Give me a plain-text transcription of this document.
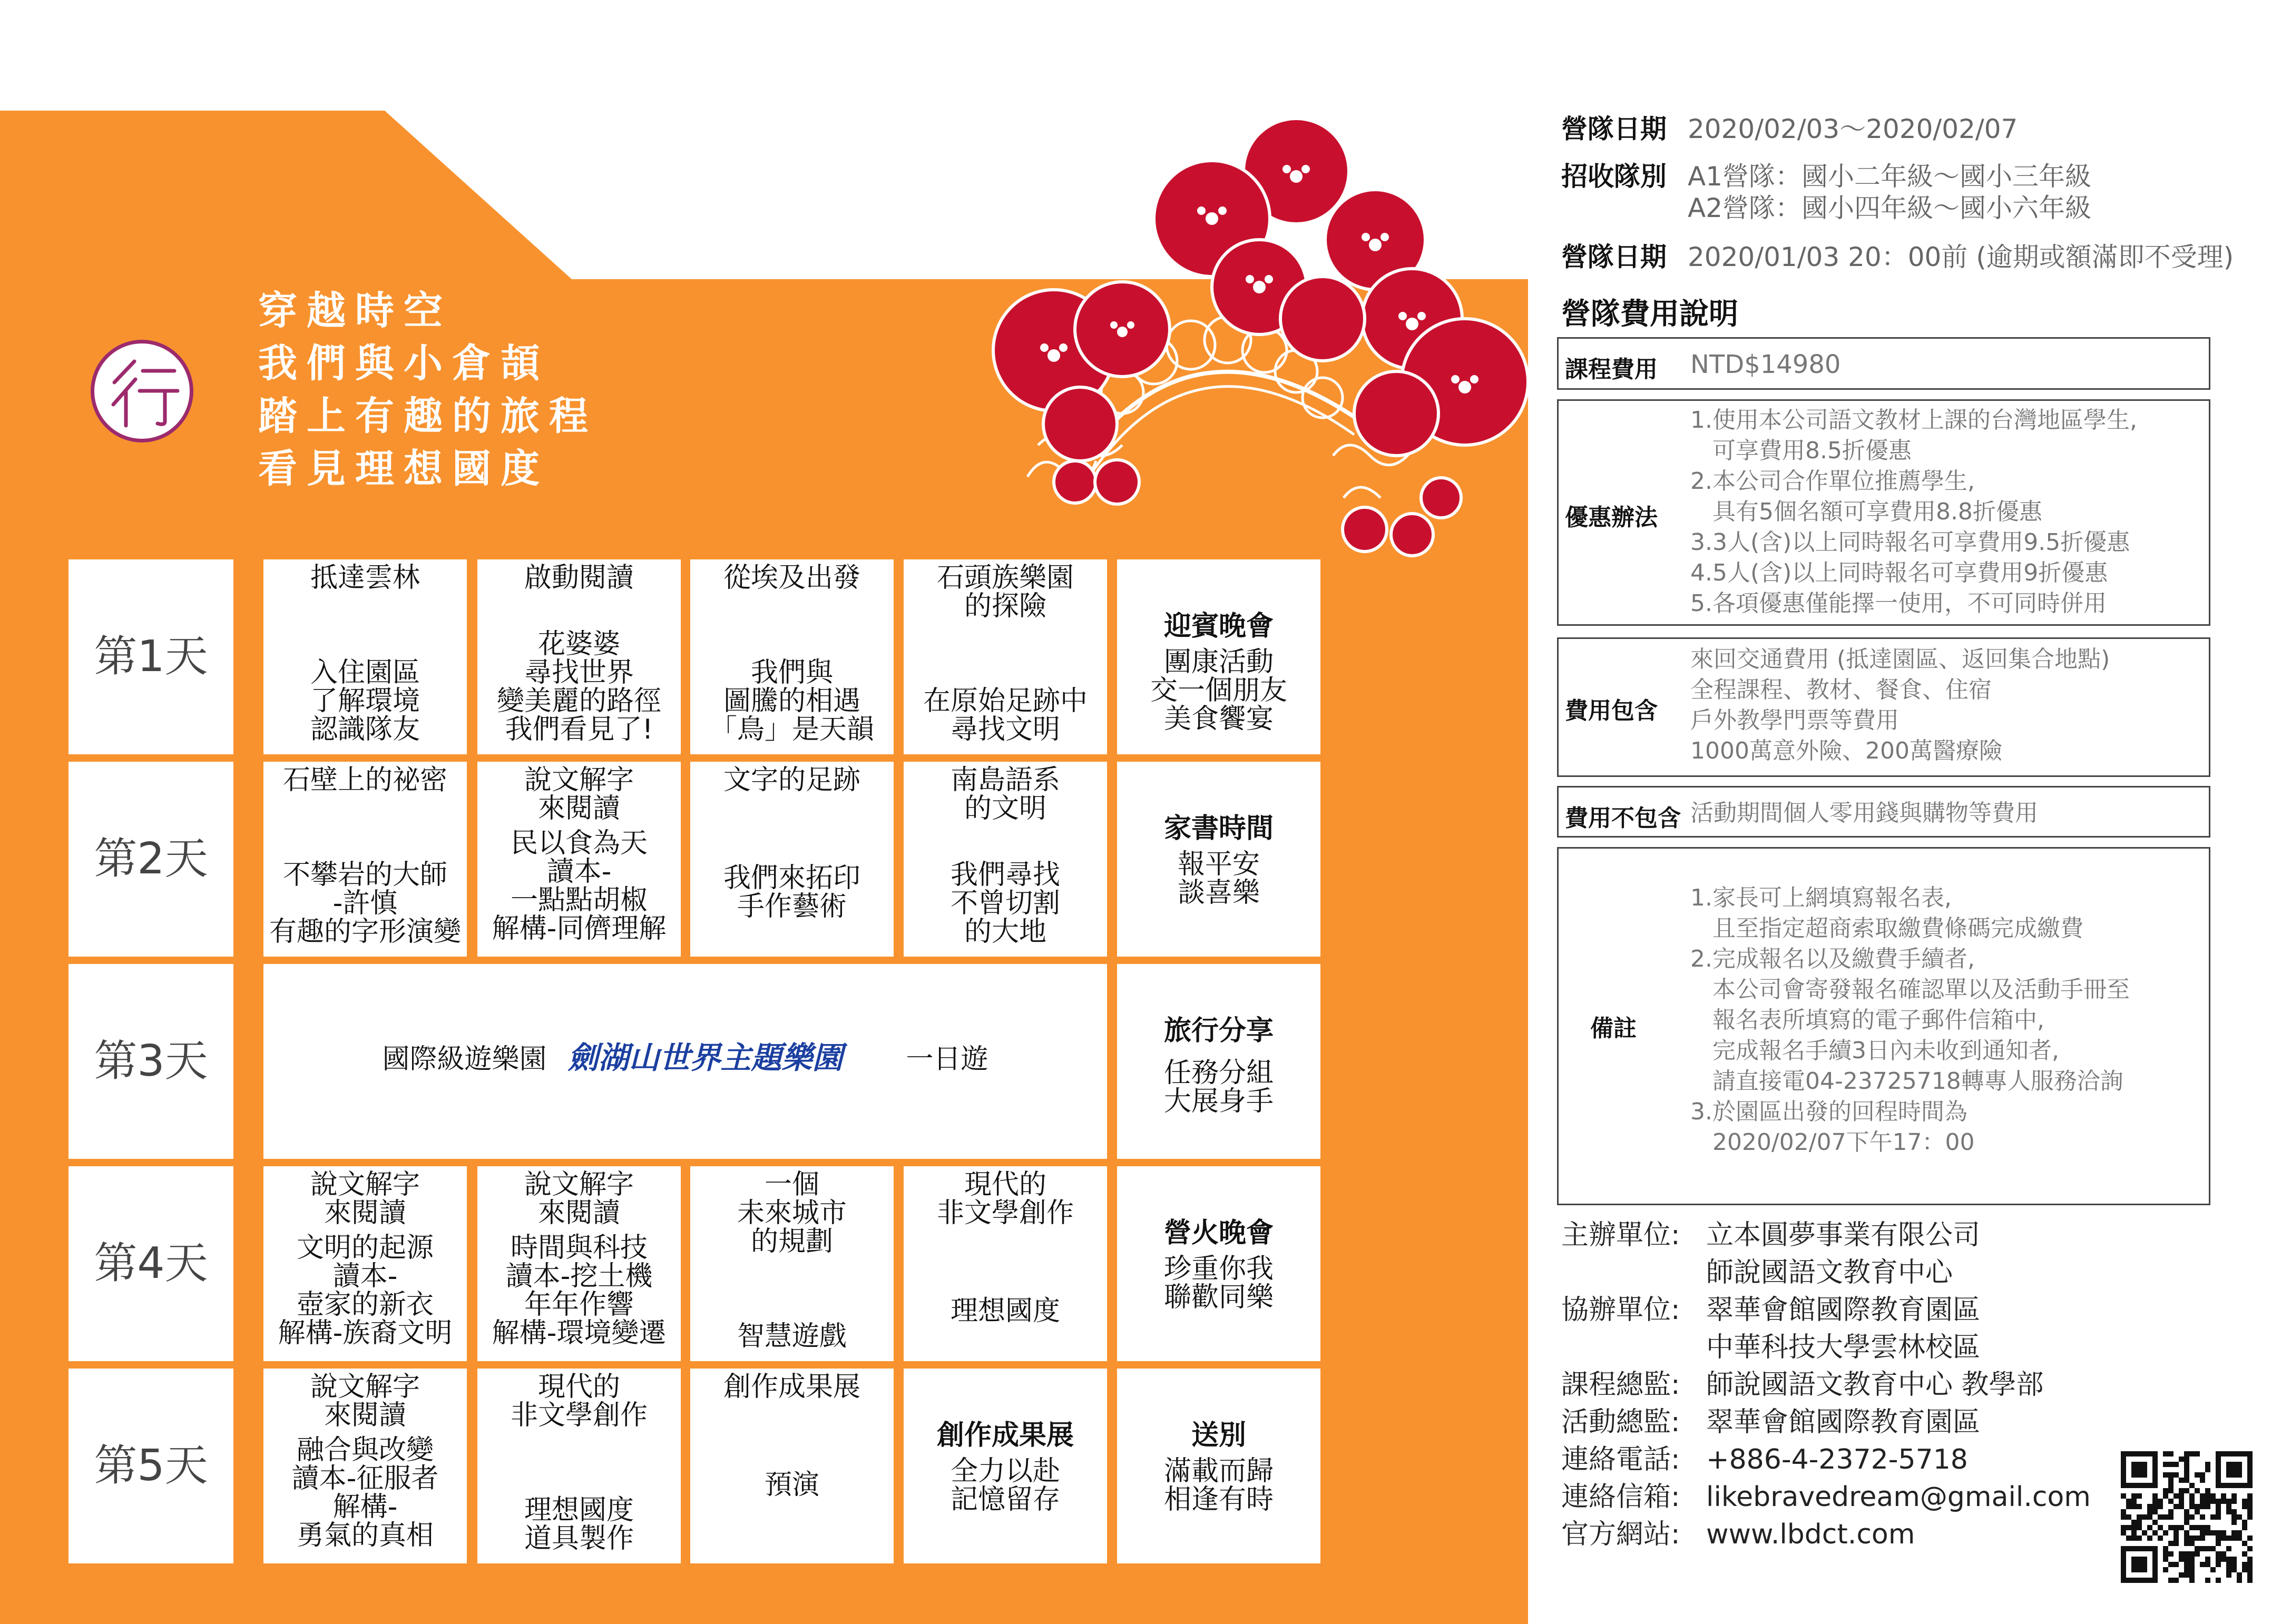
穿越時空
我們與小倉頡
踏上有趣的旅程
看見理想國度
第1天
抵達雲林
入住園區
了解環境
認識隊友
啟動閱讀
花婆婆
尋找世界
變美麗的路徑
我們看見了!
從埃及出發
我們與
圖騰的相遇
「鳥」是天韻
石頭族樂園
的探險
在原始足跡中
尋找文明
迎賓晚會
團康活動
交一個朋友
美食饗宴
第2天
石壁上的祕密
不攀岩的大師
-許慎
有趣的字形演變
說文解字
來閱讀
民以食為天
讀本-
一點點胡椒
解構-同儕理解
文字的足跡
我們來拓印
手作藝術
南島語系
的文明
我們尋找
不曾切割
的大地
家書時間
報平安
談喜樂
第3天	國際級遊樂園 劍湖山世界主題樂園 一日遊
旅行分享
任務分組
大展身手
第4天
說文解字
來閱讀
文明的起源
讀本-
壺家的新衣
解構-族裔文明
說文解字
來閱讀
時間與科技
讀本-挖土機
年年作響
解構-環境變遷
一個
未來城市
的規劃
智慧遊戲
現代的
非文學創作
理想國度
營火晚會
珍重你我
聯歡同樂
第5天
說文解字
來閱讀
融合與改變
讀本-征服者
解構-
勇氣的真相
現代的
非文學創作
理想國度
道具製作
創作成果展
預演
創作成果展
全力以赴
記憶留存
送別
滿載而歸
相逢有時
營隊日期 2020/02/03～2020/02/07
招收隊別 A1營隊：國小二年級～國小三年級
A2營隊：國小四年級～國小六年級
營隊日期 2020/01/03 20：00前 (逾期或額滿即不受理)
營隊費用說明
課程費用 NTD$14980
優惠辦法
1.使用本公司語文教材上課的台灣地區學生,
可享費用8.5折優惠
2.本公司合作單位推薦學生,
具有5個名額可享費用8.8折優惠
3.3人(含)以上同時報名可享費用9.5折優惠
4.5人(含)以上同時報名可享費用9折優惠
5.各項優惠僅能擇一使用，不可同時併用
費用包含
來回交通費用 (抵達園區、返回集合地點)
全程課程、教材、餐食、住宿
戶外教學門票等費用
1000萬意外險、200萬醫療險
費用不包含 活動期間個人零用錢與購物等費用
備註
1.家長可上網填寫報名表,
且至指定超商索取繳費條碼完成繳費
2.完成報名以及繳費手續者,
本公司會寄發報名確認單以及活動手冊至
報名表所填寫的電子郵件信箱中,
完成報名手續3日內未收到通知者,
請直接電04-23725718轉專人服務洽詢
3.於園區出發的回程時間為
2020/02/07下午17：00
主辦單位: 立本圓夢事業有限公司
師說國語文教育中心
協辦單位: 翠華會館國際教育園區
中華科技大學雲林校區
課程總監: 師說國語文教育中心 教學部
活動總監: 翠華會館國際教育園區
連絡電話: +886-4-2372-5718
連絡信箱: likebravedream@gmail.com
官方網站: www.lbdct.com
